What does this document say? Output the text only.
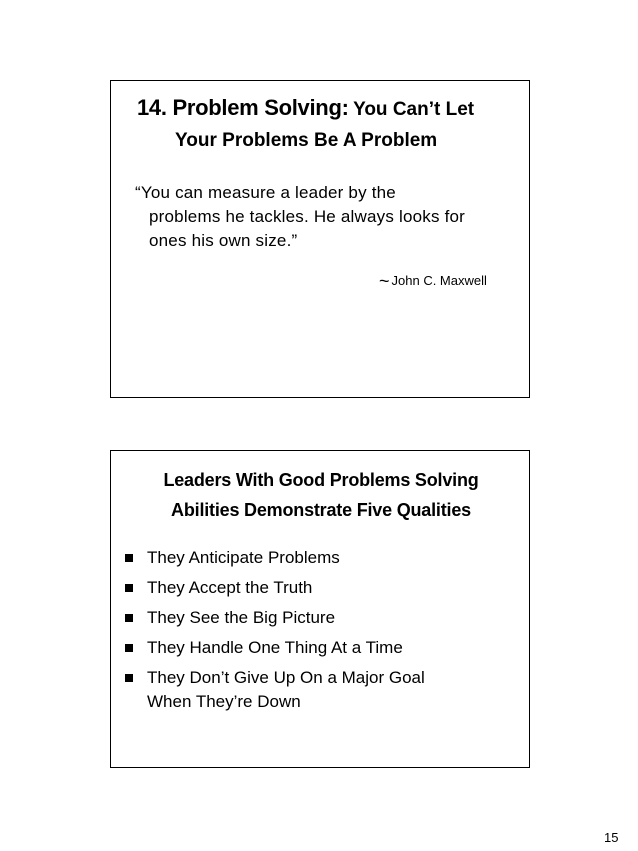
14. Problem Solving: You Can’t Let
Your Problems Be A Problem
“You can measure a leader by the
problems he tackles. He always looks for
ones his own size.”
~ John C. Maxwell
Leaders With Good Problems Solving
Abilities Demonstrate Five Qualities
They Anticipate Problems
They Accept the Truth
They See the Big Picture
They Handle One Thing At a Time
They Don’t Give Up On a Major Goal
When They’re Down
15
